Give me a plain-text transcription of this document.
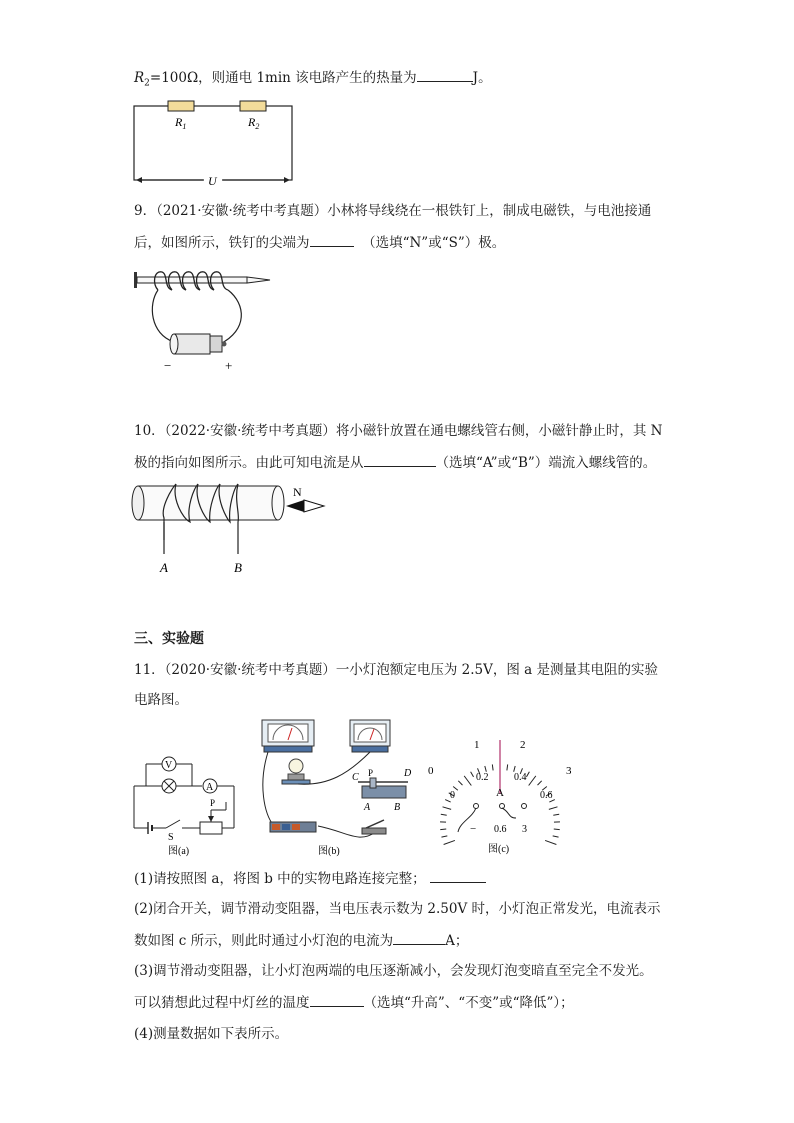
$R_2=100\Omega$，则通电 1min 该电路产生的热量为	J。
$R_1$	$R_2$
U
9．（2021·安徽·统考中考真题）小林将导线绕在一根铁钉上，制成电磁铁，与电池接通
后，如图所示，铁钉的尖端为	（选填“N”或“S”）极。
−	+
10．（2022·安徽·统考中考真题）将小磁针放置在通电螺线管右侧，小磁针静止时，其 N
极的指向如图所示。由此可知电流是从	（选填“A”或“B”）端流入螺线管的。
A	B
N
三、实验题
11．（2020·安徽·统考中考真题）一小灯泡额定电压为 2.5V，图 a 是测量其电阻的实验
电路图。
V
A
S
P
图(a)
C P	D
A B
图(b)
0
1	2
3
0
0.2	0.4
0.6
A
− 0.6 3
图(c)
(1)请按照图 a，将图 b 中的实物电路连接完整；
(2)闭合开关，调节滑动变阻器，当电压表示数为 2.50V 时，小灯泡正常发光，电流表示
数如图 c 所示，则此时通过小灯泡的电流为	A；
(3)调节滑动变阻器，让小灯泡两端的电压逐渐减小，会发现灯泡变暗直至完全不发光。
可以猜想此过程中灯丝的温度	（选填“升高”、“不变”或“降低”）；
(4)测量数据如下表所示。
